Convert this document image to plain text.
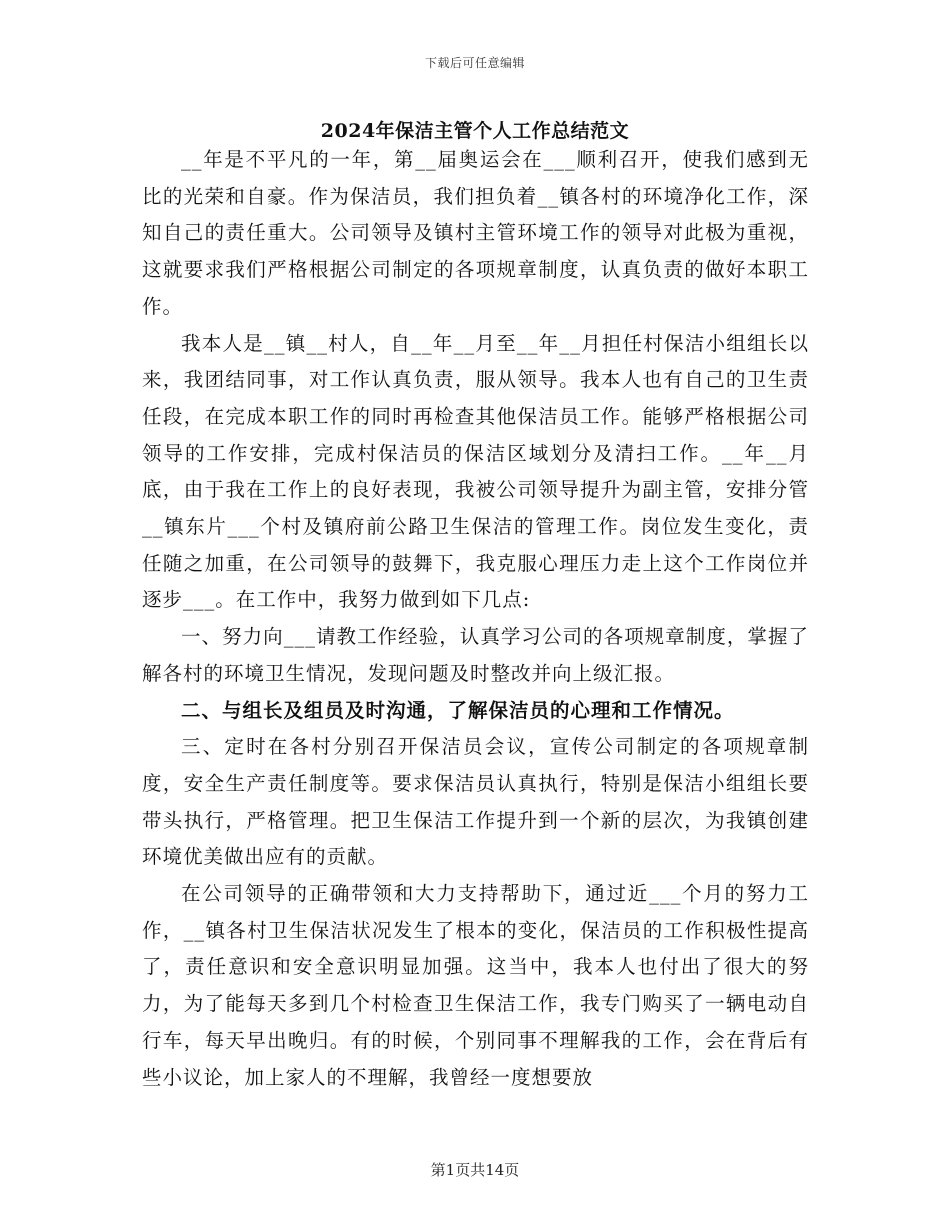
下载后可任意编辑
2024年保洁主管个人工作总结范文

__年是不平凡的一年，第__届奥运会在___顺利召开，使我们感到无比的光荣和自豪。作为保洁员，我们担负着__镇各村的环境净化工作，深知自己的责任重大。公司领导及镇村主管环境工作的领导对此极为重视，这就要求我们严格根据公司制定的各项规章制度，认真负责的做好本职工作。

我本人是__镇__村人，自__年__月至__年__月担任村保洁小组组长以来，我团结同事，对工作认真负责，服从领导。我本人也有自己的卫生责任段，在完成本职工作的同时再检查其他保洁员工作。能够严格根据公司领导的工作安排，完成村保洁员的保洁区域划分及清扫工作。__年__月底，由于我在工作上的良好表现，我被公司领导提升为副主管，安排分管__镇东片___个村及镇府前公路卫生保洁的管理工作。岗位发生变化，责任随之加重，在公司领导的鼓舞下，我克服心理压力走上这个工作岗位并逐步___。在工作中，我努力做到如下几点:

一、努力向___请教工作经验，认真学习公司的各项规章制度，掌握了解各村的环境卫生情况，发现问题及时整改并向上级汇报。

二、与组长及组员及时沟通，了解保洁员的心理和工作情况。

三、定时在各村分别召开保洁员会议，宣传公司制定的各项规章制度，安全生产责任制度等。要求保洁员认真执行，特别是保洁小组组长要带头执行，严格管理。把卫生保洁工作提升到一个新的层次，为我镇创建环境优美做出应有的贡献。

在公司领导的正确带领和大力支持帮助下，通过近___个月的努力工作，__镇各村卫生保洁状况发生了根本的变化，保洁员的工作积极性提高了，责任意识和安全意识明显加强。这当中，我本人也付出了很大的努力，为了能每天多到几个村检查卫生保洁工作，我专门购买了一辆电动自行车，每天早出晚归。有的时候，个别同事不理解我的工作，会在背后有些小议论，加上家人的不理解，我曾经一度想要放

第1页共14页
